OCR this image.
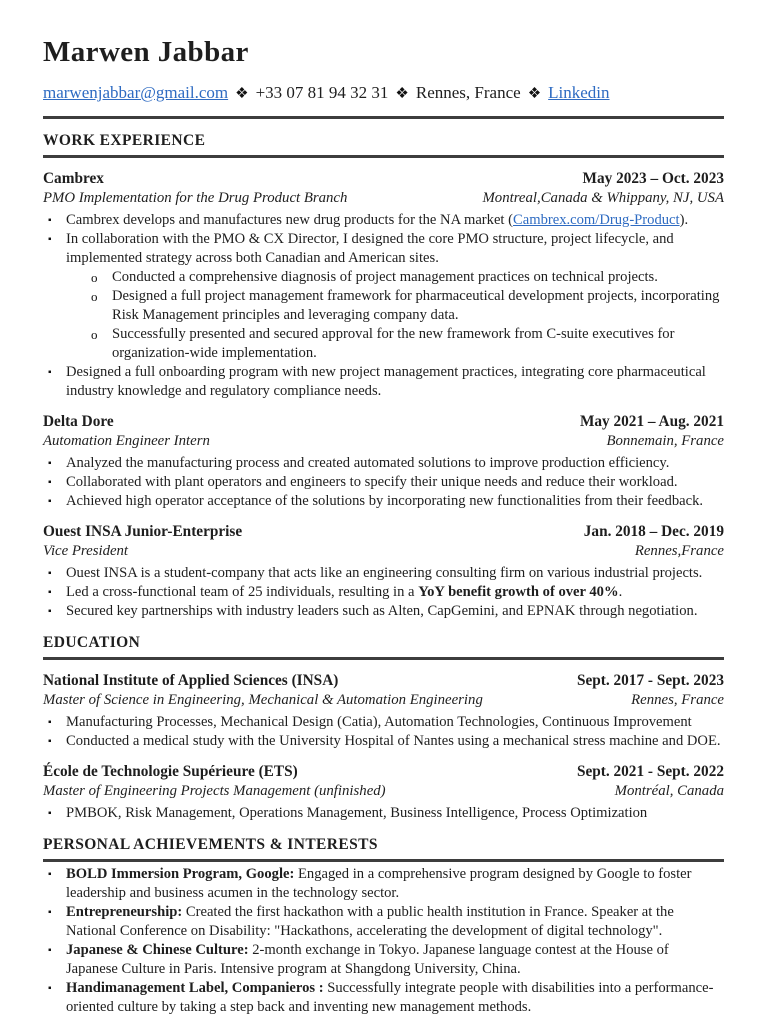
Marwen Jabbar
marwenjabbar@gmail.com ❖ +33 07 81 94 32 31 ❖ Rennes, France ❖ Linkedin
WORK EXPERIENCE
Cambrex	May 2023 – Oct. 2023
PMO Implementation for the Drug Product Branch	Montreal,Canada & Whippany, NJ, USA
▪ Cambrex develops and manufactures new drug products for the NA market (Cambrex.com/Drug-Product).
▪ In collaboration with the PMO & CX Director, I designed the core PMO structure, project lifecycle, and implemented strategy across both Canadian and American sites.
o Conducted a comprehensive diagnosis of project management practices on technical projects.
o Designed a full project management framework for pharmaceutical development projects, incorporating Risk Management principles and leveraging company data.
o Successfully presented and secured approval for the new framework from C-suite executives for organization-wide implementation.
▪ Designed a full onboarding program with new project management practices, integrating core pharmaceutical industry knowledge and regulatory compliance needs.
Delta Dore	May 2021 – Aug. 2021
Automation Engineer Intern	Bonnemain, France
▪ Analyzed the manufacturing process and created automated solutions to improve production efficiency.
▪ Collaborated with plant operators and engineers to specify their unique needs and reduce their workload.
▪ Achieved high operator acceptance of the solutions by incorporating new functionalities from their feedback.
Ouest INSA Junior-Enterprise	Jan. 2018 – Dec. 2019
Vice President	Rennes,France
▪ Ouest INSA is a student-company that acts like an engineering consulting firm on various industrial projects.
▪ Led a cross-functional team of 25 individuals, resulting in a YoY benefit growth of over 40%.
▪ Secured key partnerships with industry leaders such as Alten, CapGemini, and EPNAK through negotiation.
EDUCATION
National Institute of Applied Sciences (INSA)	Sept. 2017 - Sept. 2023
Master of Science in Engineering, Mechanical & Automation Engineering	Rennes, France
▪ Manufacturing Processes, Mechanical Design (Catia), Automation Technologies, Continuous Improvement
▪ Conducted a medical study with the University Hospital of Nantes using a mechanical stress machine and DOE.
École de Technologie Supérieure (ETS)	Sept. 2021 - Sept. 2022
Master of Engineering Projects Management (unfinished)	Montréal, Canada
▪ PMBOK, Risk Management, Operations Management, Business Intelligence, Process Optimization
PERSONAL ACHIEVEMENTS & INTERESTS
▪ BOLD Immersion Program, Google: Engaged in a comprehensive program designed by Google to foster leadership and business acumen in the technology sector.
▪ Entrepreneurship: Created the first hackathon with a public health institution in France. Speaker at the National Conference on Disability: "Hackathons, accelerating the development of digital technology".
▪ Japanese & Chinese Culture: 2-month exchange in Tokyo. Japanese language contest at the House of Japanese Culture in Paris. Intensive program at Shangdong University, China.
▪ Handimanagement Label, Companieros : Successfully integrate people with disabilities into a performance-oriented culture by taking a step back and inventing new management methods.
